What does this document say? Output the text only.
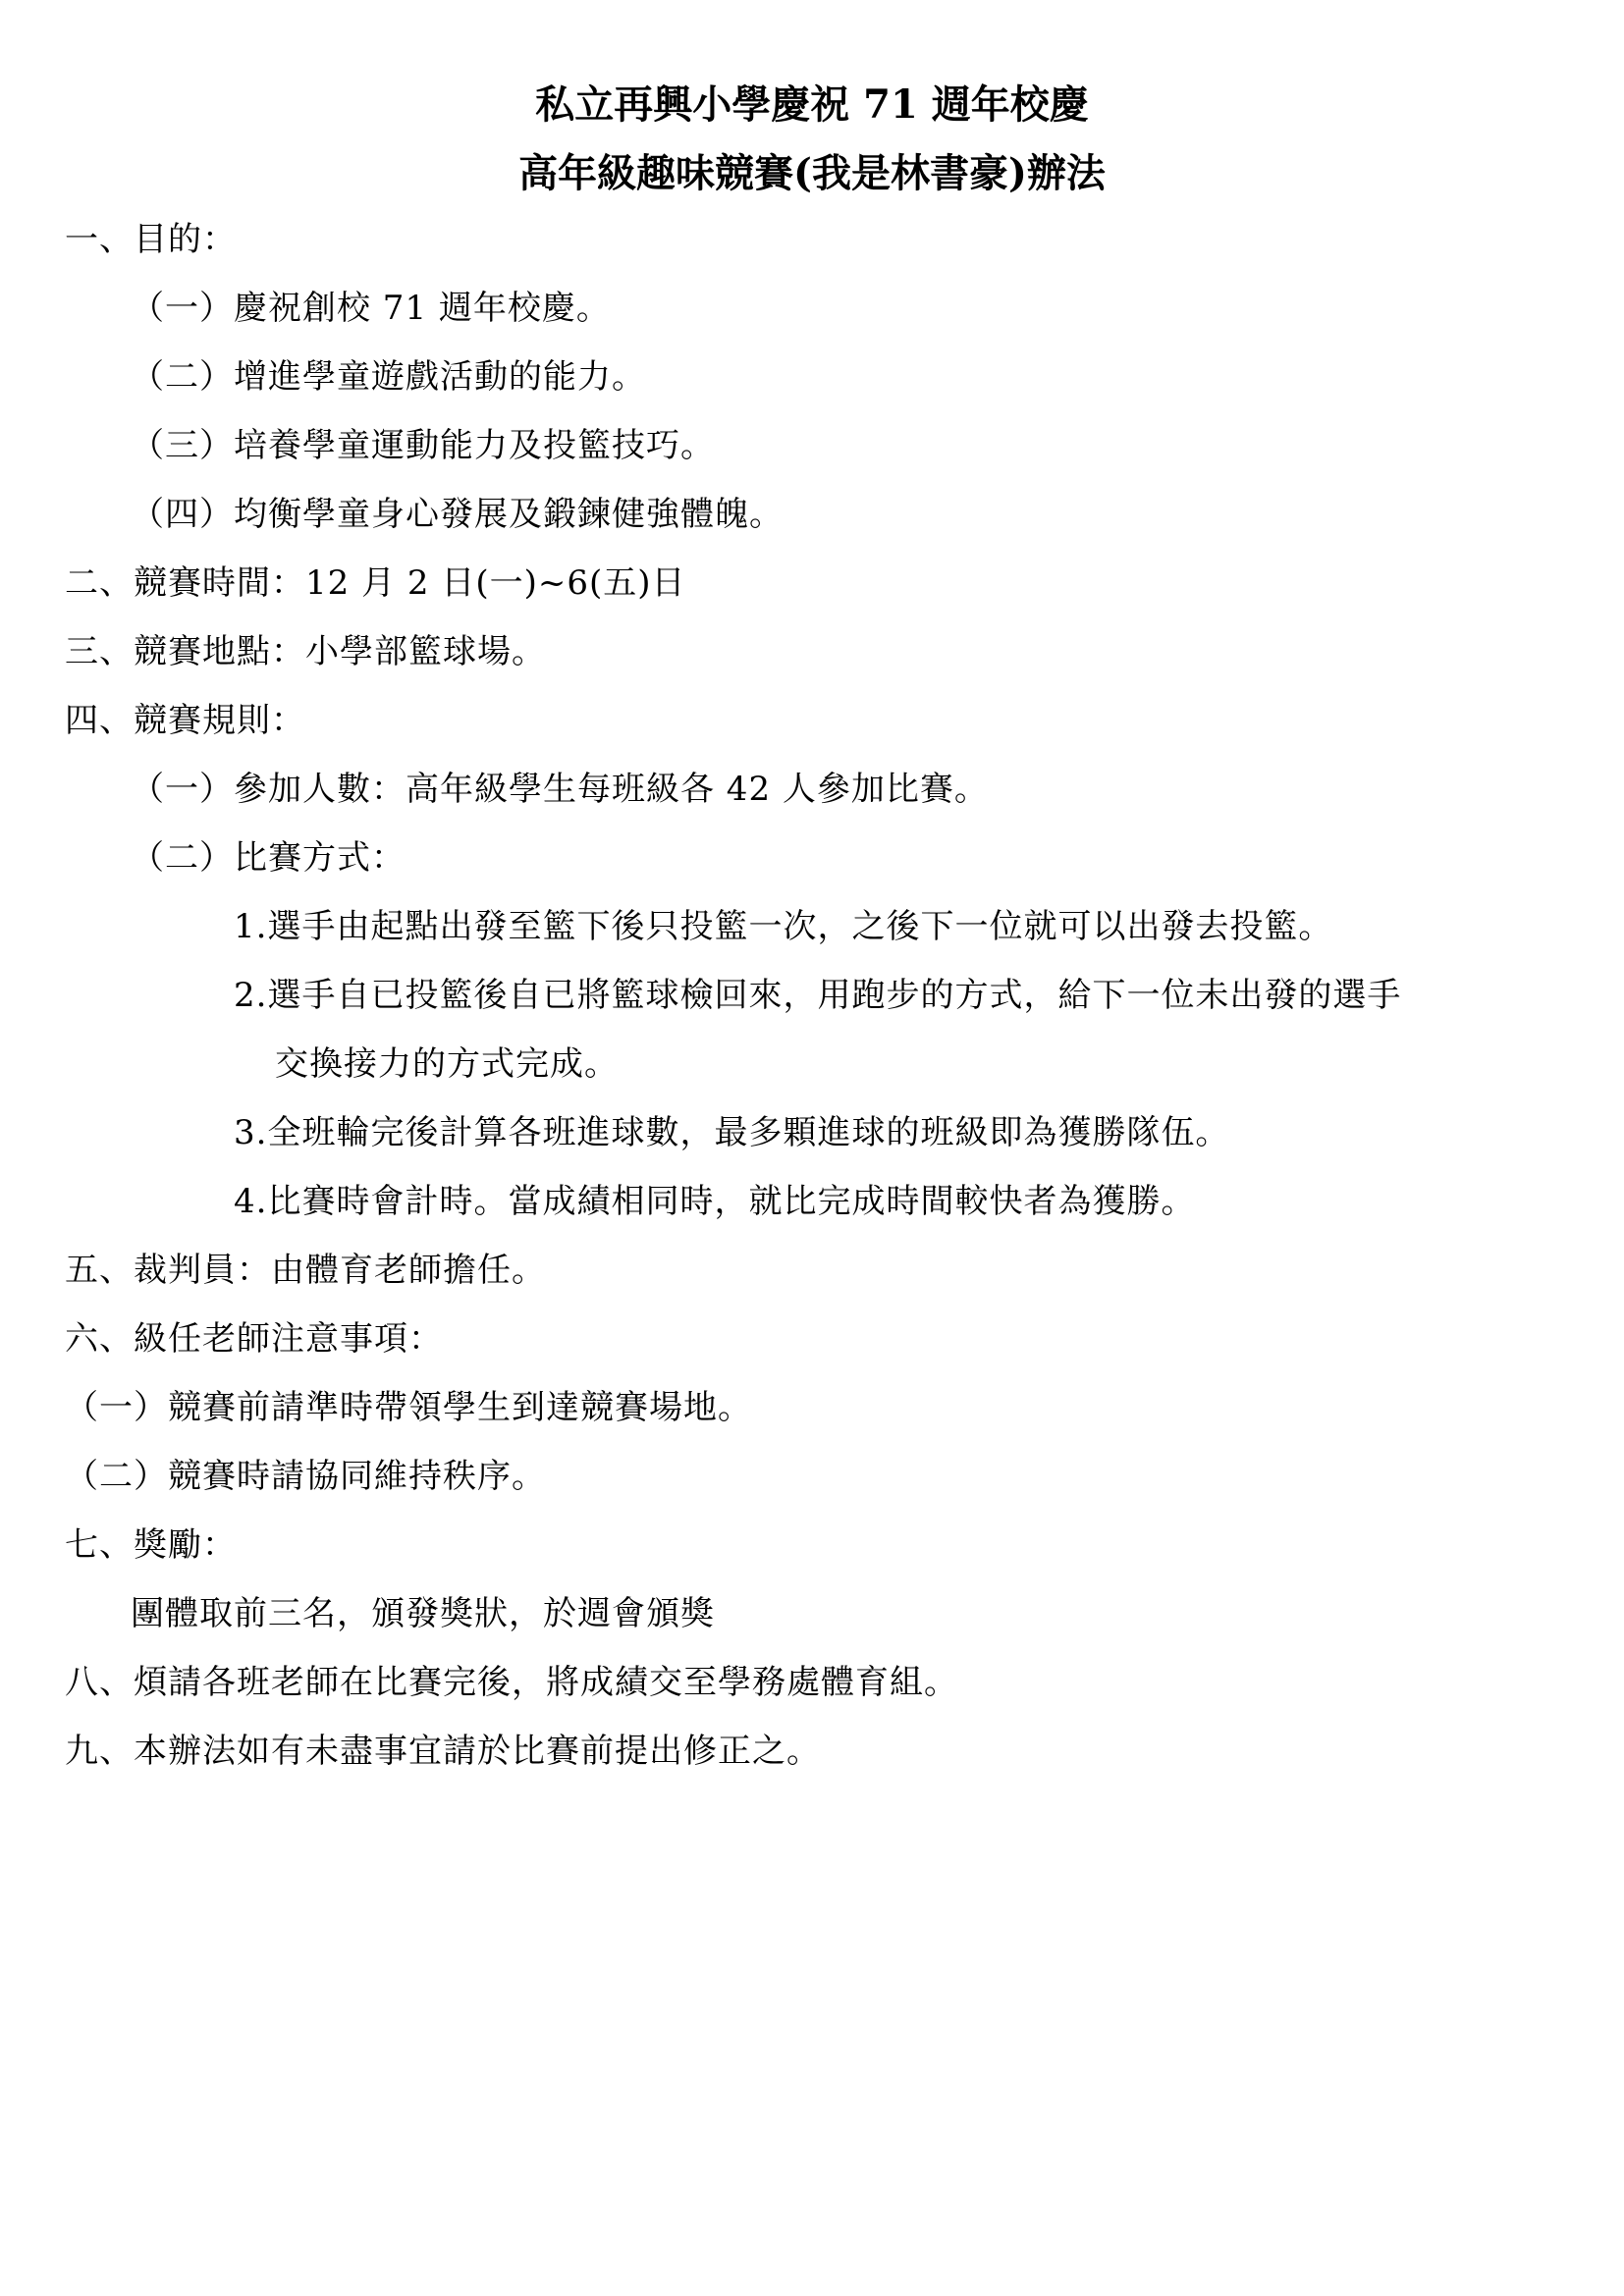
私立再興小學慶祝 71 週年校慶
高年級趣味競賽(我是林書豪)辦法
一、目的：
（一）慶祝創校 71 週年校慶。
（二）增進學童遊戲活動的能力。
（三）培養學童運動能力及投籃技巧。
（四）均衡學童身心發展及鍛鍊健強體魄。
二、競賽時間：12 月 2 日(一)~6(五)日
三、競賽地點：小學部籃球場。
四、競賽規則：
（一）參加人數：高年級學生每班級各 42 人參加比賽。
（二）比賽方式：
1.選手由起點出發至籃下後只投籃一次，之後下一位就可以出發去投籃。
2.選手自已投籃後自已將籃球檢回來，用跑步的方式，給下一位未出發的選手
交換接力的方式完成。
3.全班輪完後計算各班進球數，最多顆進球的班級即為獲勝隊伍。
4.比賽時會計時。當成績相同時，就比完成時間較快者為獲勝。
五、裁判員：由體育老師擔任。
六、級任老師注意事項：
（一）競賽前請準時帶領學生到達競賽場地。
（二）競賽時請協同維持秩序。
七、獎勵：
團體取前三名，頒發獎狀，於週會頒獎
八、煩請各班老師在比賽完後，將成績交至學務處體育組。
九、本辦法如有未盡事宜請於比賽前提出修正之。
